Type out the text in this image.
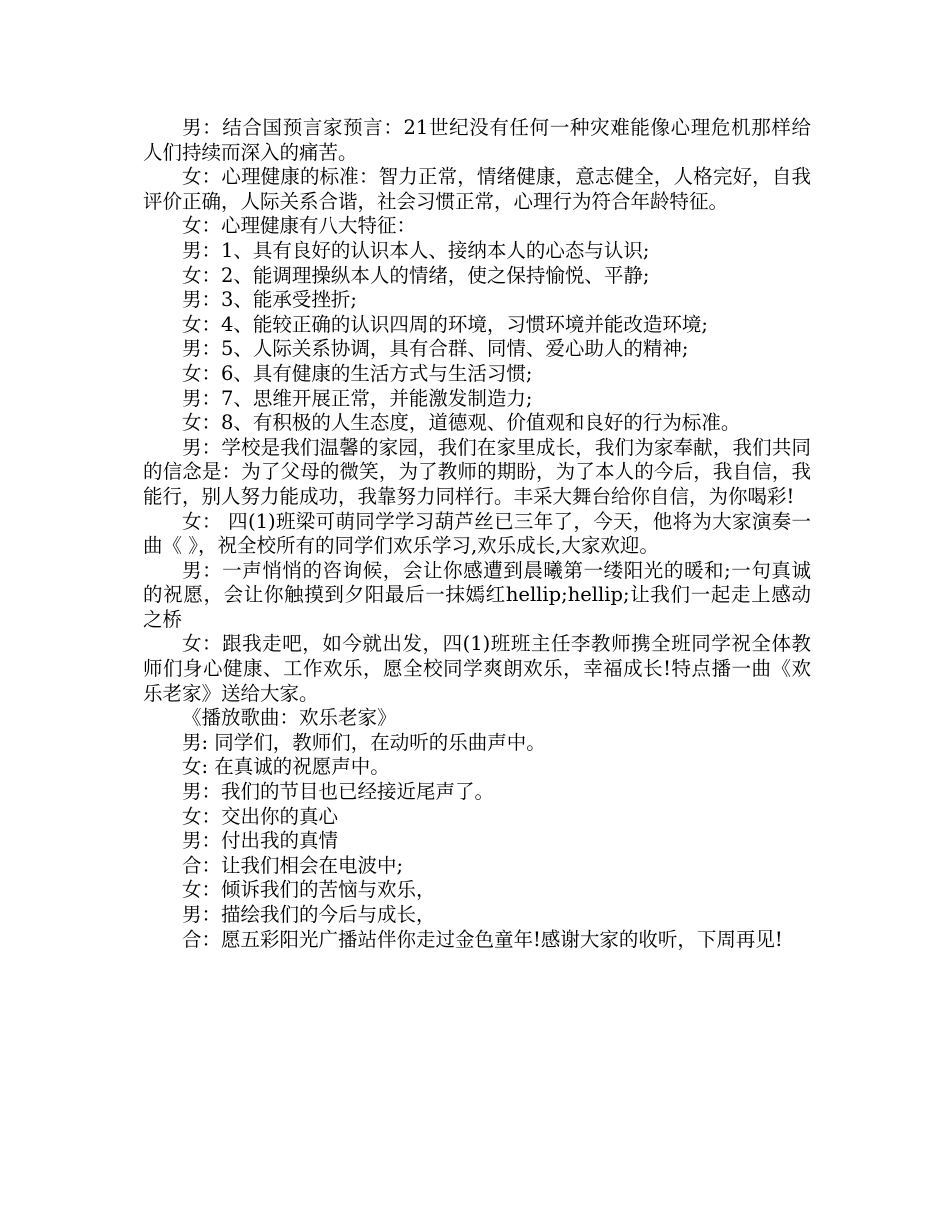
男：结合国预言家预言：21世纪没有任何一种灾难能像心理危机那样给人们持续而深入的痛苦。

女：心理健康的标准：智力正常，情绪健康，意志健全，人格完好，自我评价正确，人际关系合谐，社会习惯正常，心理行为符合年龄特征。

女：心理健康有八大特征：

男：1、具有良好的认识本人、接纳本人的心态与认识;

女：2、能调理操纵本人的情绪，使之保持愉悦、平静;

男：3、能承受挫折;

女：4、能较正确的认识四周的环境，习惯环境并能改造环境;

男：5、人际关系协调，具有合群、同情、爱心助人的精神;

女：6、具有健康的生活方式与生活习惯;

男：7、思维开展正常，并能激发制造力;

女：8、有积极的人生态度，道德观、价值观和良好的行为标准。

男：学校是我们温馨的家园，我们在家里成长，我们为家奉献，我们共同的信念是：为了父母的微笑，为了教师的期盼，为了本人的今后，我自信，我能行，别人努力能成功，我靠努力同样行。丰采大舞台给你自信，为你喝彩!

女： 四(1)班梁可萌同学学习葫芦丝已三年了，今天，他将为大家演奏一曲《 》，祝全校所有的同学们欢乐学习,欢乐成长,大家欢迎。

男：一声悄悄的咨询候，会让你感遭到晨曦第一缕阳光的暖和;一句真诚的祝愿，会让你触摸到夕阳最后一抹嫣红hellip;hellip;让我们一起走上感动之桥

女：跟我走吧，如今就出发，四(1)班班主任李教师携全班同学祝全体教师们身心健康、工作欢乐，愿全校同学爽朗欢乐，幸福成长!特点播一曲《欢乐老家》送给大家。

《播放歌曲：欢乐老家》

男: 同学们，教师们，在动听的乐曲声中。

女: 在真诚的祝愿声中。

男：我们的节目也已经接近尾声了。

女：交出你的真心

男：付出我的真情

合：让我们相会在电波中;

女：倾诉我们的苦恼与欢乐，

男：描绘我们的今后与成长，

合：愿五彩阳光广播站伴你走过金色童年!感谢大家的收听，下周再见!
